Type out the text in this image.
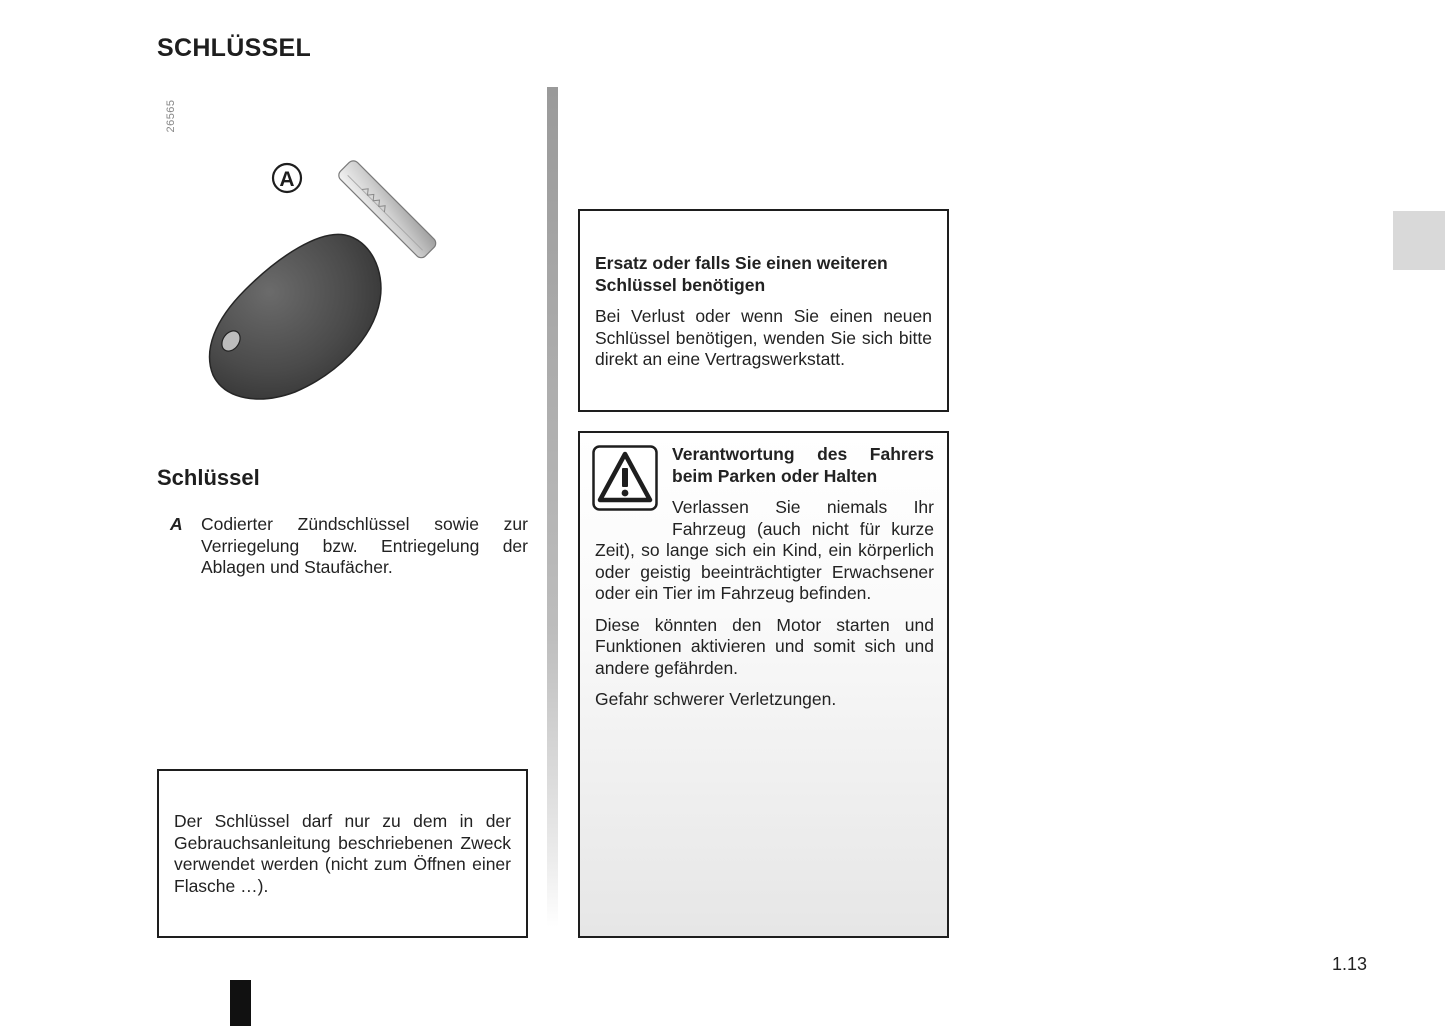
SCHLÜSSEL
26565
A
Schlüssel
A Codierter Zündschlüssel sowie zur Verriegelung bzw. Entriegelung der Ablagen und Staufächer.

Der Schlüssel darf nur zu dem in der Gebrauchsanleitung beschriebenen Zweck verwendet werden (nicht zum Öffnen einer Flasche …).

Ersatz oder falls Sie einen weiteren Schlüssel benötigen

Bei Verlust oder wenn Sie einen neuen Schlüssel benötigen, wenden Sie sich bitte direkt an eine Vertragswerkstatt.

Verantwortung des Fahrers beim Parken oder Halten

Verlassen Sie niemals Ihr Fahrzeug (auch nicht für kurze Zeit), so lange sich ein Kind, ein körperlich oder geistig beeinträchtigter Erwachsener oder ein Tier im Fahrzeug befinden.

Diese könnten den Motor starten und Funktionen aktivieren und somit sich und andere gefährden.

Gefahr schwerer Verletzungen.

1.13
